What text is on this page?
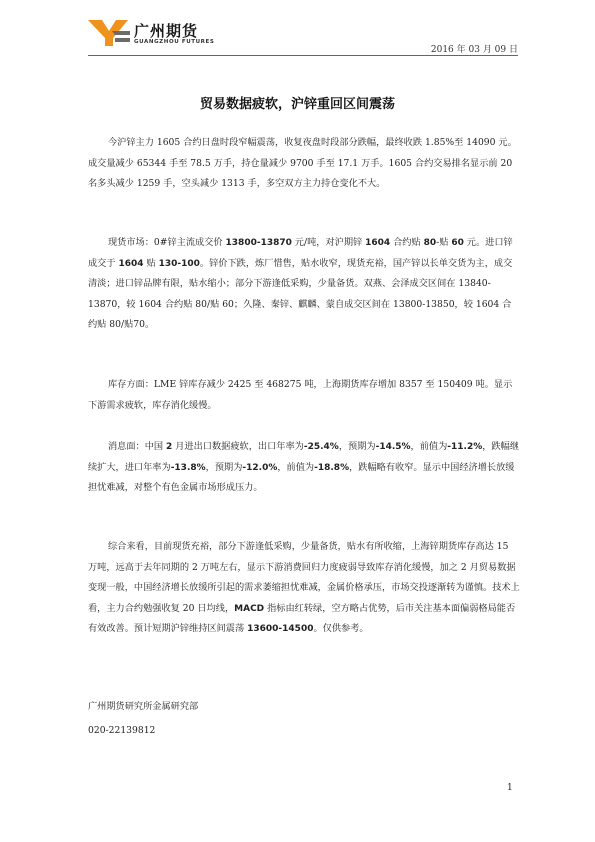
广州期货
GUANGZHOU FUTURES
2016 年 03 月 09 日
贸易数据疲软，沪锌重回区间震荡

今沪锌主力 1605 合约日盘时段窄幅震荡，收复夜盘时段部分跌幅，最终收跌 1.85%至 14090 元。成交量减少 65344 手至 78.5 万手，持仓量减少 9700 手至 17.1 万手。1605 合约交易排名显示前 20 名多头减少 1259 手，空头减少 1313 手，多空双方主力持仓变化不大。

现货市场：0#锌主流成交价 13800-13870 元/吨，对沪期锌 1604 合约贴 80-贴 60 元。进口锌成交于 1604 贴 130-100。锌价下跌，炼厂惜售，贴水收窄，现货充裕，国产锌以长单交货为主，成交清淡；进口锌品牌有限，贴水缩小；部分下游逢低采购，少量备货。双燕、会泽成交区间在 13840-13870，较 1604 合约贴 80/贴 60；久隆、秦锌、麒麟、蒙自成交区间在 13800-13850，较 1604 合约贴 80/贴70。

库存方面：LME 锌库存减少 2425 至 468275 吨，上海期货库存增加 8357 至 150409 吨。显示下游需求疲软，库存消化缓慢。

消息面：中国 2 月进出口数据疲软，出口年率为-25.4%，预期为-14.5%，前值为-11.2%，跌幅继续扩大，进口年率为-13.8%，预期为-12.0%，前值为-18.8%，跌幅略有收窄。显示中国经济增长放缓担忧难减，对整个有色金属市场形成压力。

综合来看，目前现货充裕，部分下游逢低采购，少量备货，贴水有所收缩，上海锌期货库存高达 15 万吨，远高于去年同期的 2 万吨左右，显示下游消费回归力度疲弱导致库存消化缓慢，加之 2 月贸易数据变现一般，中国经济增长放缓所引起的需求萎缩担忧难减，金属价格承压，市场交投逐渐转为谨慎。技术上看，主力合约勉强收复 20 日均线，MACD 指标由红转绿，空方略占优势，后市关注基本面偏弱格局能否有效改善。预计短期沪锌维持区间震荡 13600-14500。仅供参考。

广州期货研究所金属研究部
020-22139812
1
